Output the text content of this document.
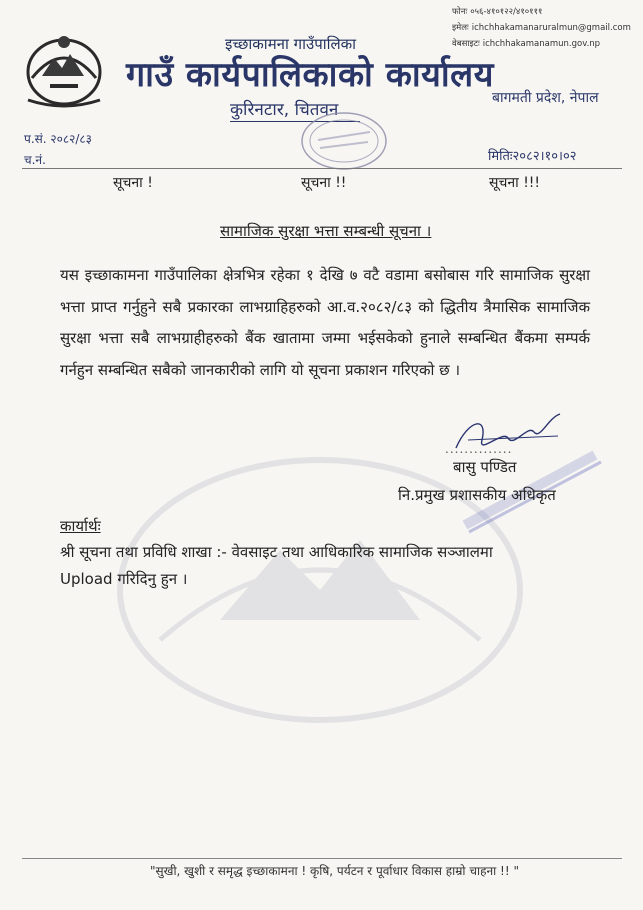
फोनः ०५६-४१०१२२/४१०१११
इमेलः ichchhakamanaruralmun@gmail.com
वेबसाइटः ichchhakamanamun.gov.np
इच्छाकामना गाउँपालिका
गाउँ कार्यपालिकाको कार्यालय
बागमती प्रदेश, नेपाल
कुरिनटार, चितवन
प.सं. २०८२/८३
च.नं.	मितिः२०८२।१०।०२
सूचना !	सूचना !!	सूचना !!!
सामाजिक सुरक्षा भत्ता सम्बन्धी सूचना ।
यस इच्छाकामना गाउँपालिका क्षेत्रभित्र रहेका १ देखि ७ वटै वडामा बसोबास गरि सामाजिक सुरक्षा भत्ता प्राप्त गर्नुहुने सबै प्रकारका लाभग्राहिहरुको आ.व.२०८२/८३ को द्धितीय त्रैमासिक सामाजिक सुरक्षा भत्ता सबै लाभग्राहीहरुको बैंक खातामा जम्मा भईसकेको हुनाले सम्बन्धित बैंकमा सम्पर्क गर्नहुन सम्बन्धित सबैको जानकारीको लागि यो सूचना प्रकाशन गरिएको छ ।
..............
बासु पण्डित
नि.प्रमुख प्रशासकीय अधिकृत
कार्यार्थः
श्री सूचना तथा प्रविधि शाखा :- वेवसाइट तथा आधिकारिक सामाजिक सञ्जालमा
Upload गरिदिनु हुन ।
"सुखी, खुशी र समृद्ध इच्छाकामना ! कृषि, पर्यटन र पूर्वाधार विकास हाम्रो चाहना !! "
